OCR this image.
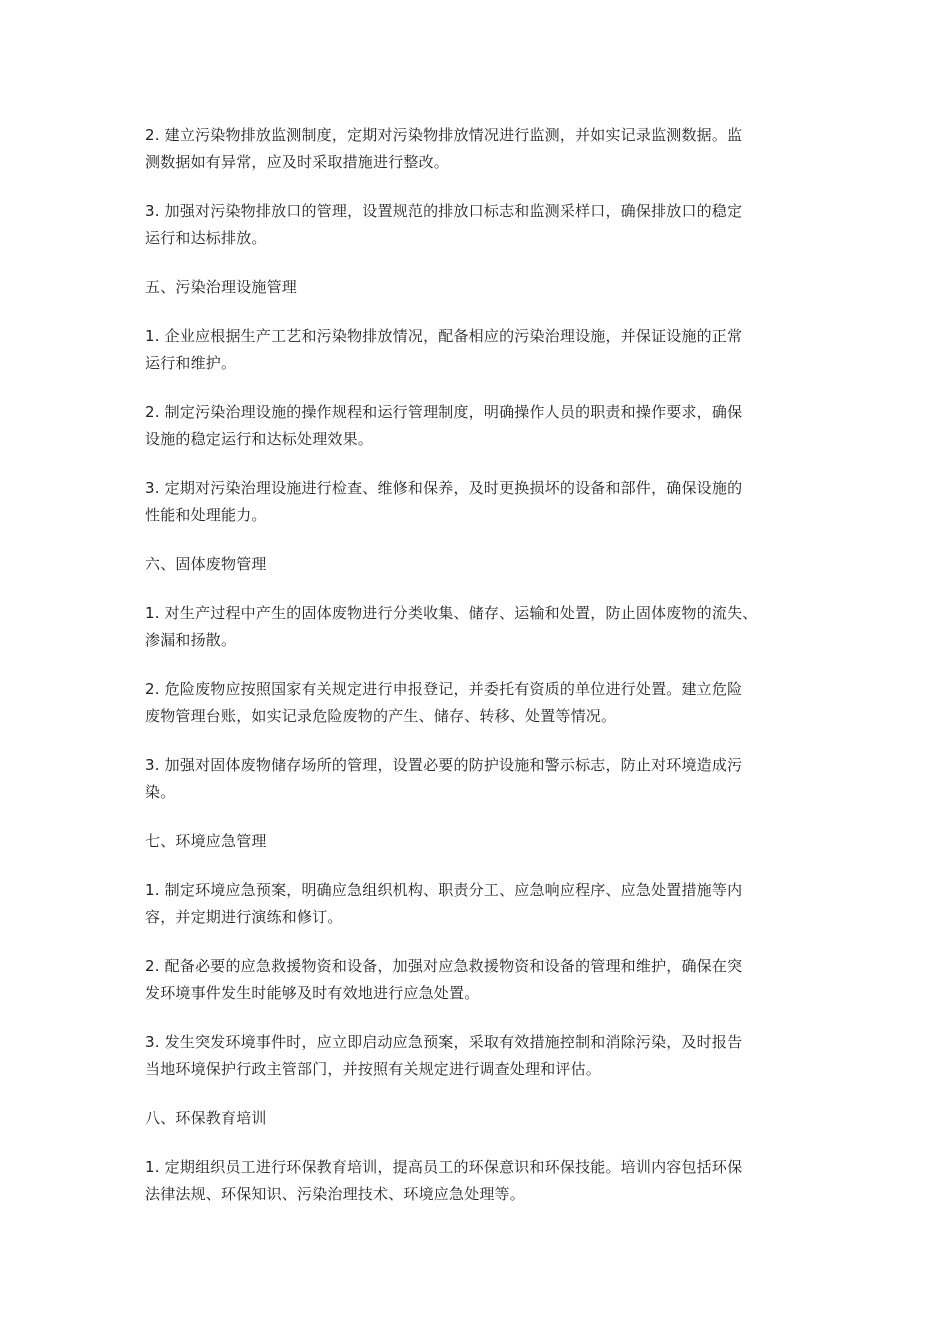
2. 建立污染物排放监测制度，定期对污染物排放情况进行监测，并如实记录监测数据。监
测数据如有异常，应及时采取措施进行整改。

3. 加强对污染物排放口的管理，设置规范的排放口标志和监测采样口，确保排放口的稳定
运行和达标排放。

五、污染治理设施管理

1. 企业应根据生产工艺和污染物排放情况，配备相应的污染治理设施，并保证设施的正常
运行和维护。

2. 制定污染治理设施的操作规程和运行管理制度，明确操作人员的职责和操作要求，确保
设施的稳定运行和达标处理效果。

3. 定期对污染治理设施进行检查、维修和保养，及时更换损坏的设备和部件，确保设施的
性能和处理能力。

六、固体废物管理

1. 对生产过程中产生的固体废物进行分类收集、储存、运输和处置，防止固体废物的流失、
渗漏和扬散。

2. 危险废物应按照国家有关规定进行申报登记，并委托有资质的单位进行处置。建立危险
废物管理台账，如实记录危险废物的产生、储存、转移、处置等情况。

3. 加强对固体废物储存场所的管理，设置必要的防护设施和警示标志，防止对环境造成污
染。

七、环境应急管理

1. 制定环境应急预案，明确应急组织机构、职责分工、应急响应程序、应急处置措施等内
容，并定期进行演练和修订。

2. 配备必要的应急救援物资和设备，加强对应急救援物资和设备的管理和维护，确保在突
发环境事件发生时能够及时有效地进行应急处置。

3. 发生突发环境事件时，应立即启动应急预案，采取有效措施控制和消除污染，及时报告
当地环境保护行政主管部门，并按照有关规定进行调查处理和评估。

八、环保教育培训

1. 定期组织员工进行环保教育培训，提高员工的环保意识和环保技能。培训内容包括环保
法律法规、环保知识、污染治理技术、环境应急处理等。
